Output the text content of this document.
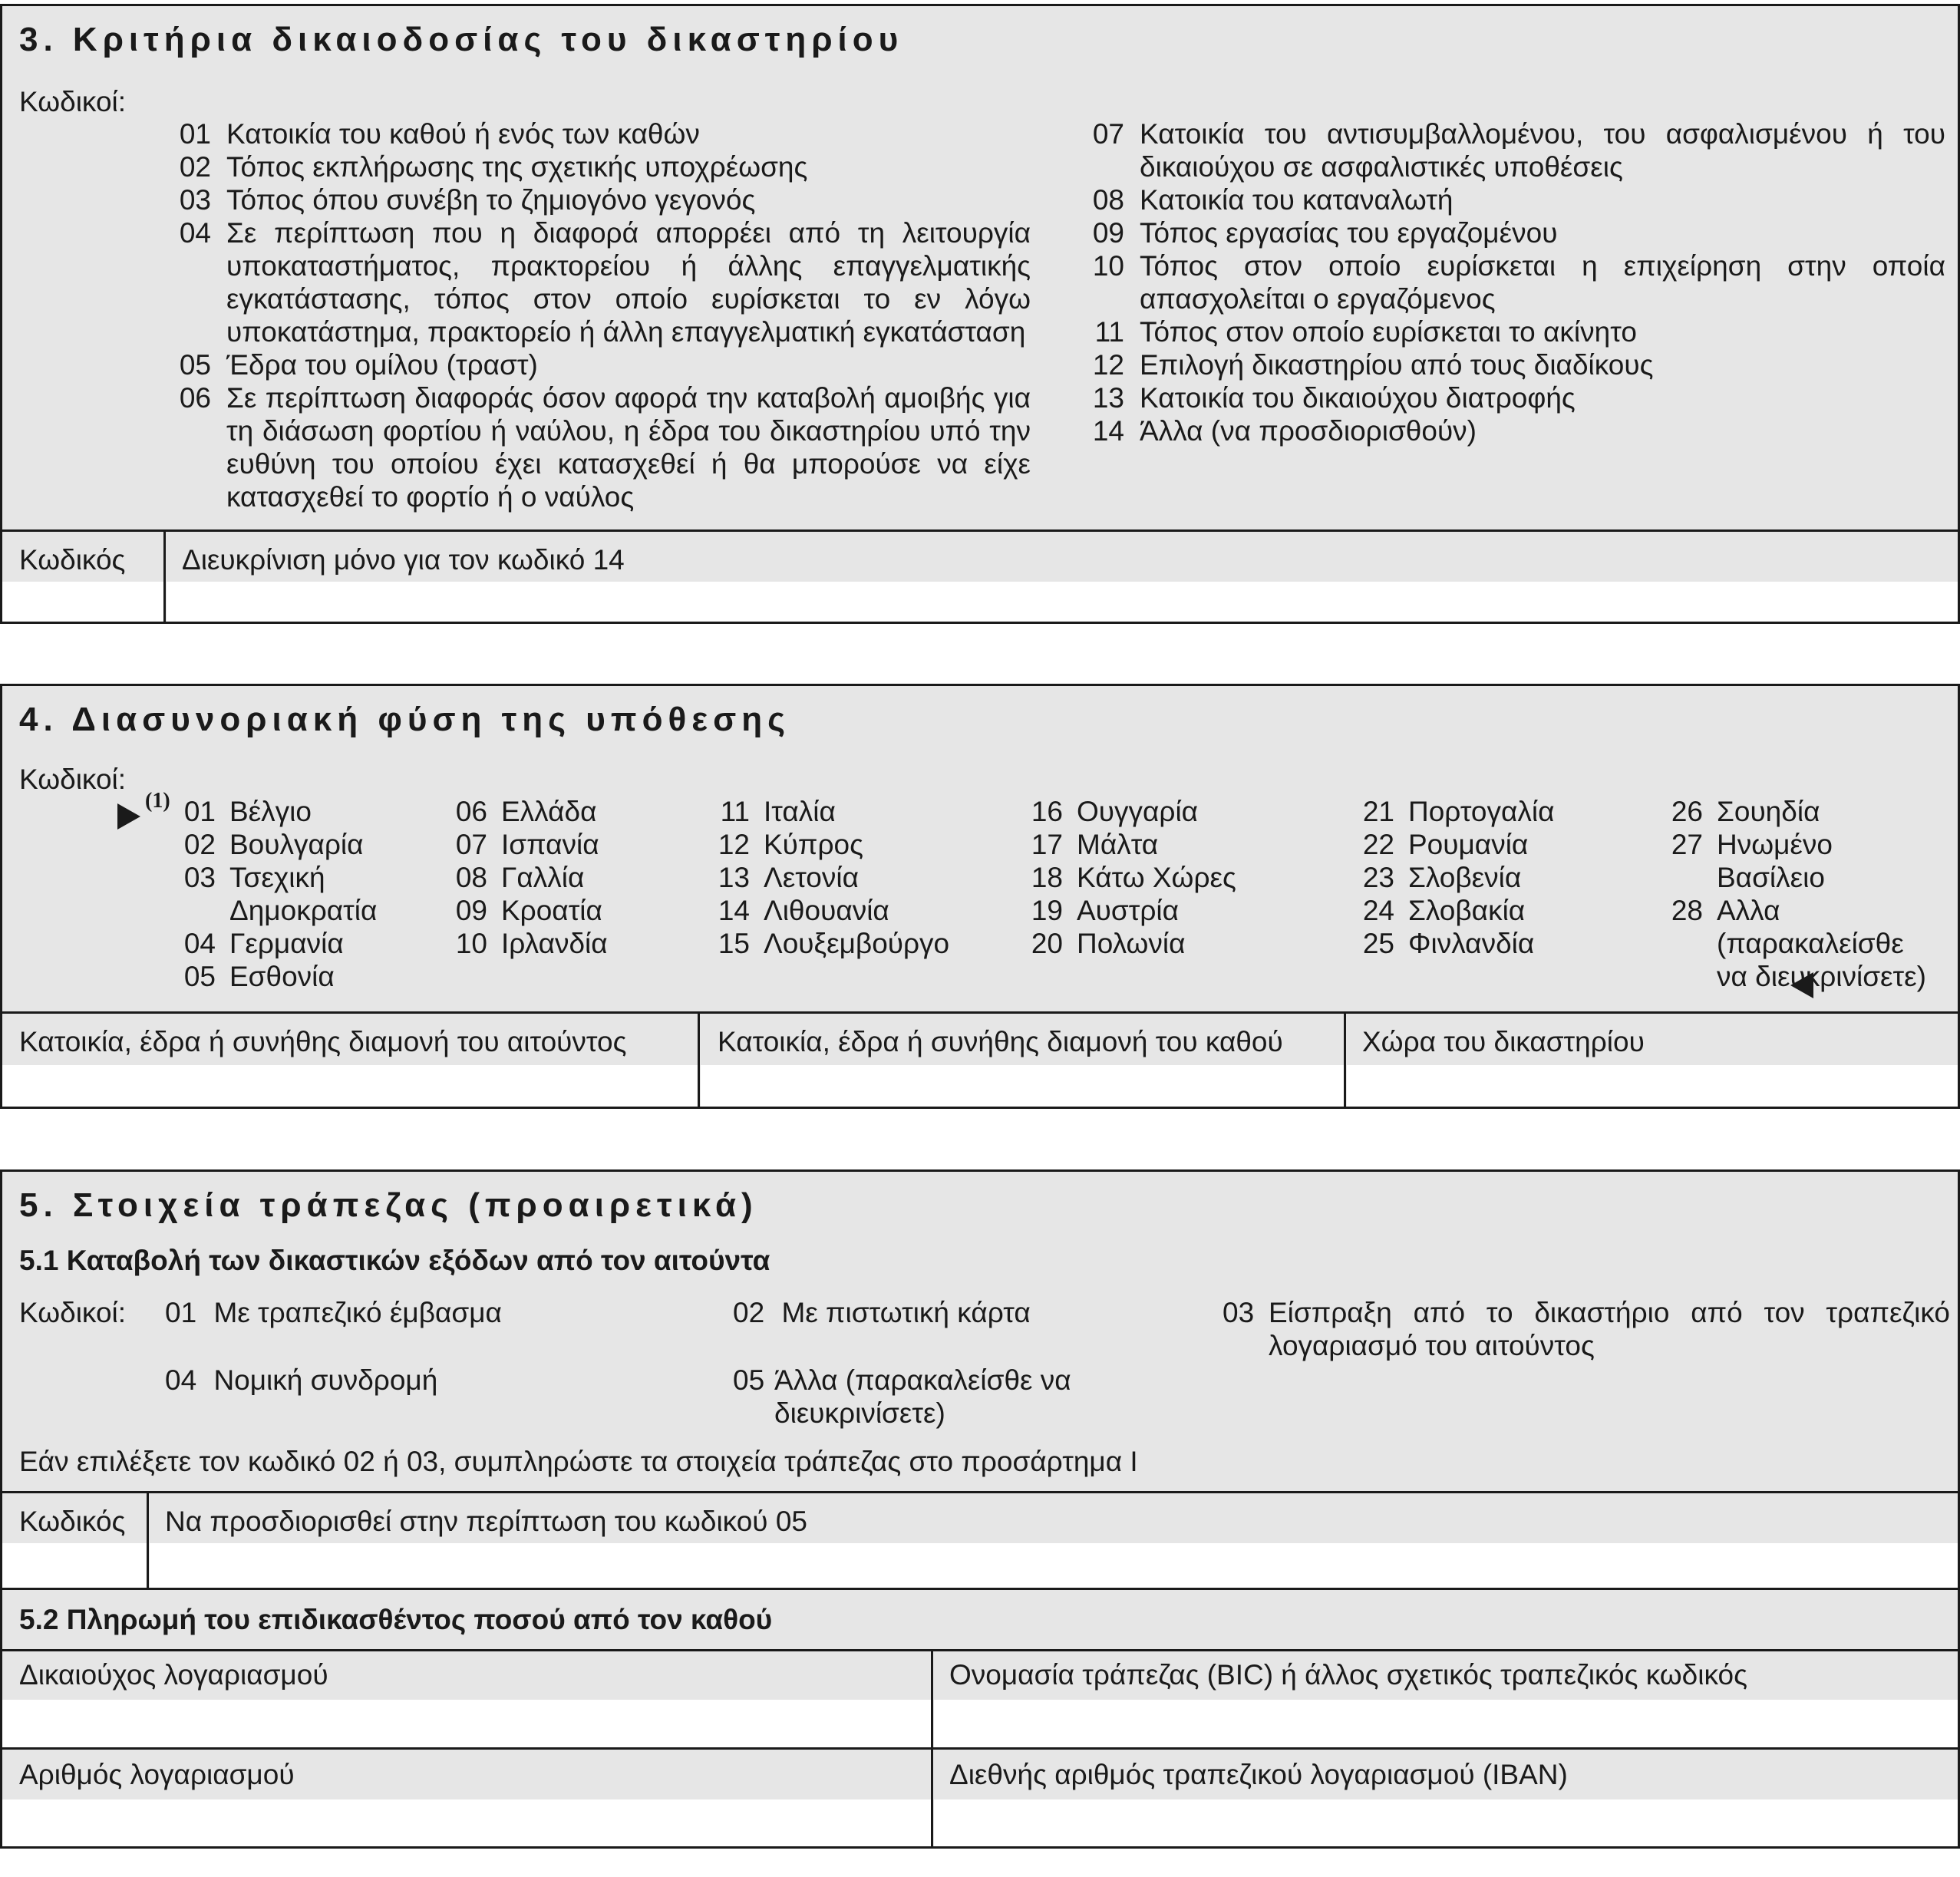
3. Κριτήρια δικαιοδοσίας του δικαστηρίου
Κωδικοί:
01 Κατοικία του καθού ή ενός των καθών
02 Τόπος εκπλήρωσης της σχετικής υποχρέωσης
03 Τόπος όπου συνέβη το ζημιογόνο γεγονός
04 Σε περίπτωση που η διαφορά απορρέει από τη λειτουργία υποκαταστήματος, πρακτορείου ή άλλης επαγγελματικής εγκατάστασης, τόπος στον οποίο ευρίσκεται το εν λόγω υποκατάστημα, πρακτορείο ή άλλη επαγγελματική εγκατάσταση
05 Έδρα του ομίλου (τραστ)
06 Σε περίπτωση διαφοράς όσον αφορά την καταβολή αμοιβής για τη διάσωση φορτίου ή ναύλου, η έδρα του δικαστηρίου υπό την ευθύνη του οποίου έχει κατασχεθεί ή θα μπορούσε να είχε κατασχεθεί το φορτίο ή ο ναύλος
07 Κατοικία του αντισυμβαλλομένου, του ασφαλισμένου ή του δικαιούχου σε ασφαλιστικές υποθέσεις
08 Κατοικία του καταναλωτή
09 Τόπος εργασίας του εργαζομένου
10 Τόπος στον οποίο ευρίσκεται η επιχείρηση στην οποία απασχολείται ο εργαζόμενος
11 Τόπος στον οποίο ευρίσκεται το ακίνητο
12 Επιλογή δικαστηρίου από τους διαδίκους
13 Κατοικία του δικαιούχου διατροφής
14 Άλλα (να προσδιορισθούν)
Κωδικός Διευκρίνιση μόνο για τον κωδικό 14
4. Διασυνοριακή φύση της υπόθεσης
Κωδικοί:
(1) 01 Βέλγιο
02 Βουλγαρία
03 Τσεχική Δημοκρατία
04 Γερμανία
05 Εσθονία
06 Ελλάδα
07 Ισπανία
08 Γαλλία
09 Κροατία
10 Ιρλανδία
11 Ιταλία
12 Κύπρος
13 Λετονία
14 Λιθουανία
15 Λουξεμβούργο
16 Ουγγαρία
17 Μάλτα
18 Κάτω Χώρες
19 Αυστρία
20 Πολωνία
21 Πορτογαλία
22 Ρουμανία
23 Σλοβενία
24 Σλοβακία
25 Φινλανδία
26 Σουηδία
27 Ηνωμένο Βασίλειο
28 Αλλα (παρακαλείσθε να διευκρινίσετε)
Κατοικία, έδρα ή συνήθης διαμονή του αιτούντος	Κατοικία, έδρα ή συνήθης διαμονή του καθού	Χώρα του δικαστηρίου
5. Στοιχεία τράπεζας (προαιρετικά)
5.1 Καταβολή των δικαστικών εξόδων από τον αιτούντα
Κωδικοί: 01 Με τραπεζικό έμβασμα	02 Με πιστωτική κάρτα	03 Είσπραξη από το δικαστήριο από τον τραπεζικό λογαριασμό του αιτούντος
04 Νομική συνδρομή	05 Άλλα (παρακαλείσθε να διευκρινίσετε)
Εάν επιλέξετε τον κωδικό 02 ή 03, συμπληρώστε τα στοιχεία τράπεζας στο προσάρτημα I
Κωδικός Να προσδιορισθεί στην περίπτωση του κωδικού 05
5.2 Πληρωμή του επιδικασθέντος ποσού από τον καθού
Δικαιούχος λογαριασμού	Ονομασία τράπεζας (BIC) ή άλλος σχετικός τραπεζικός κωδικός
Αριθμός λογαριασμού	Διεθνής αριθμός τραπεζικού λογαριασμού (IBAN)
